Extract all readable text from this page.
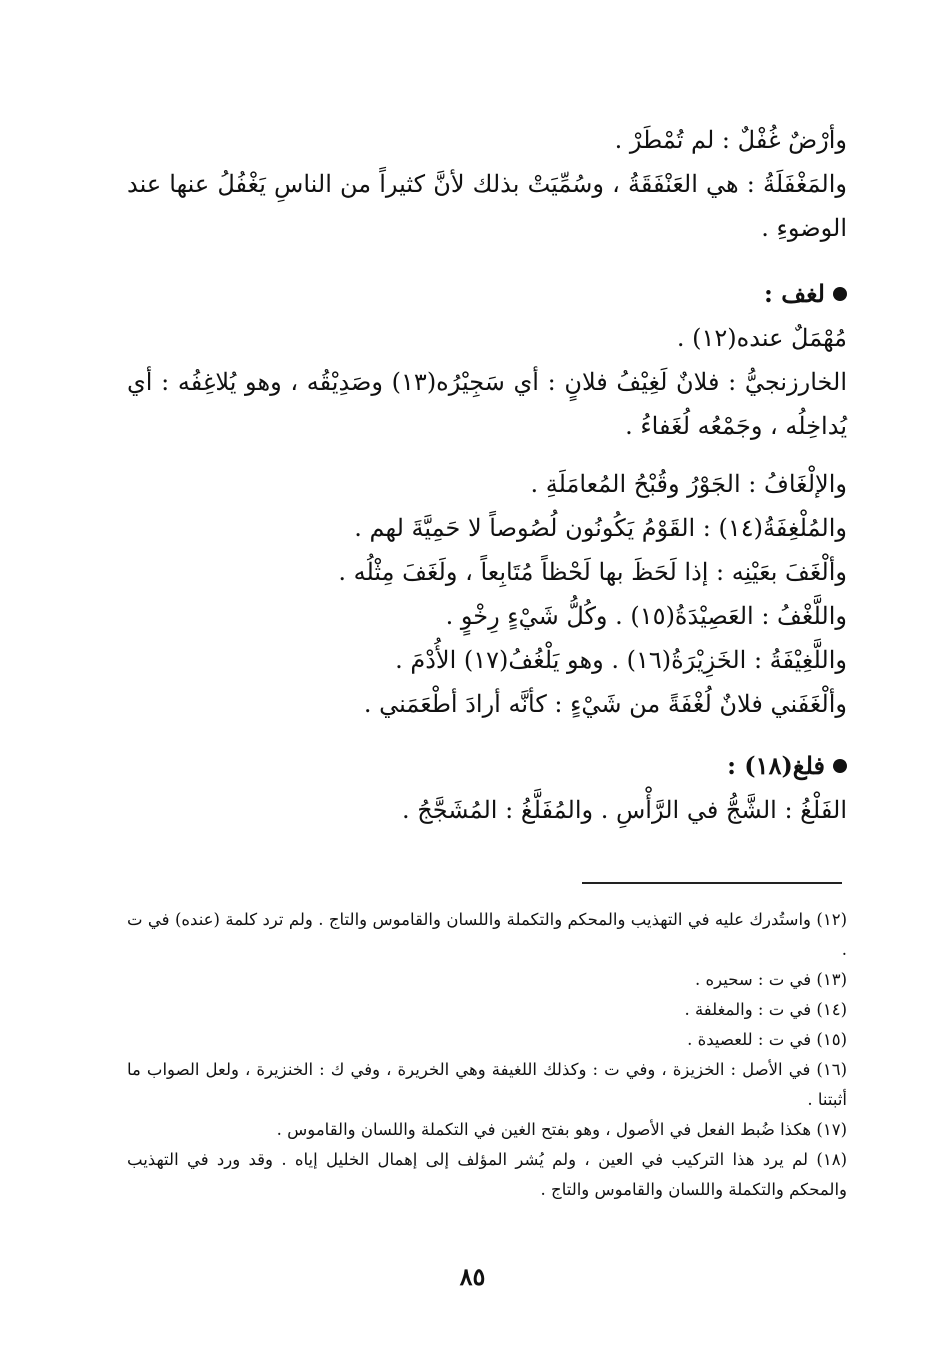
وأرْضٌ غُفْلٌ : لم تُمْطَرْ .
والمَغْفَلَةُ : هي العَنْفَقَةُ ، وسُمِّيَتْ بذلك لأنَّ كثيراً من الناسِ يَغْفُلُ عنها عند الوضوءِ .
لغف :
مُهْمَلٌ عنده(١٢) .
الخارزنجيُّ : فلانٌ لَغِيْفُ فلانٍ : أي سَجِيْرُه(١٣) وصَدِيْقُه ، وهو يُلاغِفُه : أي يُداخِلُه ، وجَمْعُه لُغَفاءُ .
والإلْغَافُ : الجَوْرُ وقُبْحُ المُعامَلَةِ .
والمُلْغِفَةُ(١٤) : القَوْمُ يَكُونُون لُصُوصاً لا حَمِيَّةَ لهم .
وألْغَفَ بعَيْنِه : إذا لَحَظَ بها لَحْظاً مُتَابِعاً ، ولَغَفَ مِثْلُه .
واللَّغْفُ : العَصِيْدَةُ(١٥) . وكُلُّ شَيْءٍ رِخْوٍ .
واللَّغِيْفَةُ : الخَزِيْرَةُ(١٦) . وهو يَلْغُفُ(١٧) الأُدْمَ .
وألْغَفَني فلانٌ لُغْفَةً من شَيْءٍ : كأنَّه أرادَ أطْعَمَني .
فلغ(١٨) :
الفَلْغُ : الشَّجُّ في الرَّأْسِ . والمُفَلَّغُ : المُشَجَّجُ .
(١٢) واستُدرك عليه في التهذيب والمحكم والتكملة واللسان والقاموس والتاج . ولم ترد كلمة (عنده) في ت .
(١٣) في ت : سحيره .
(١٤) في ت : والمغلفة .
(١٥) في ت : للعصيدة .
(١٦) في الأصل : الخزيزة ، وفي ت : وكذلك اللغيفة وهي الخريرة ، وفي ك : الخنزيرة ، ولعل الصواب ما أثبتنا .
(١٧) هكذا ضُبط الفعل في الأصول ، وهو بفتح الغين في التكملة واللسان والقاموس .
(١٨) لم يرد هذا التركيب في العين ، ولم يُشر المؤلف إلى إهمال الخليل إياه . وقد ورد في التهذيب والمحكم والتكملة واللسان والقاموس والتاج .
٨٥
